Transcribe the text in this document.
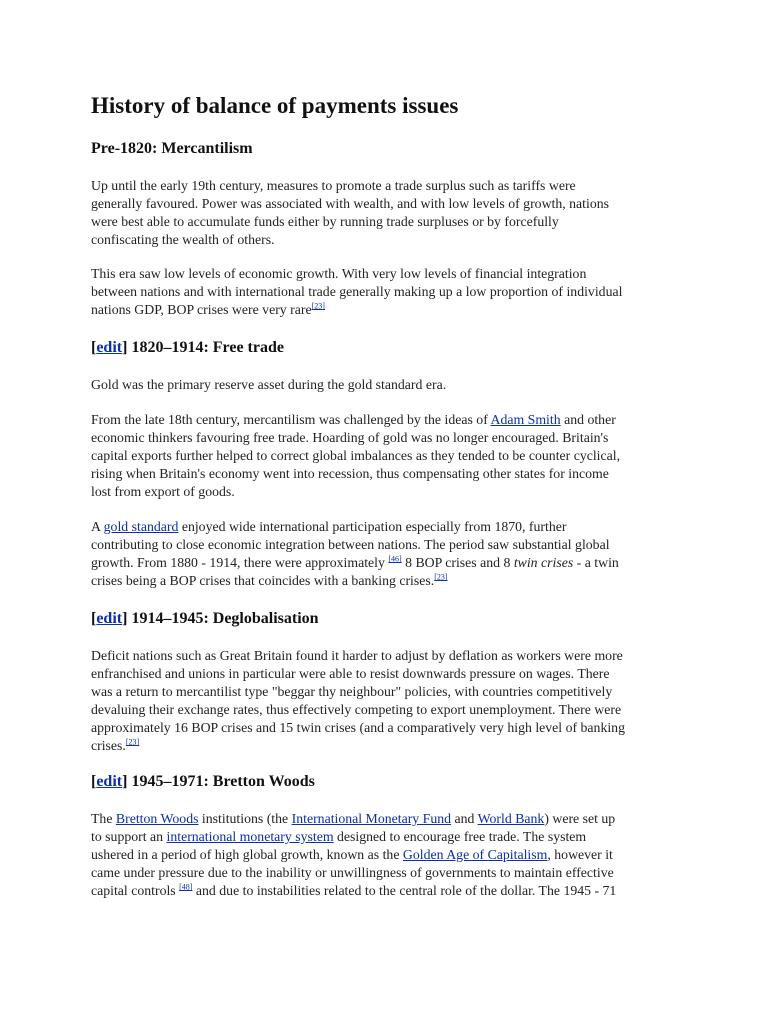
History of balance of payments issues
Pre-1820: Mercantilism

Up until the early 19th century, measures to promote a trade surplus such as tariffs were
generally favoured. Power was associated with wealth, and with low levels of growth, nations
were best able to accumulate funds either by running trade surpluses or by forcefully
confiscating the wealth of others.

This era saw low levels of economic growth. With very low levels of financial integration
between nations and with international trade generally making up a low proportion of individual
nations GDP, BOP crises were very rare[23]

[edit] 1820–1914: Free trade

Gold was the primary reserve asset during the gold standard era.

From the late 18th century, mercantilism was challenged by the ideas of Adam Smith and other
economic thinkers favouring free trade. Hoarding of gold was no longer encouraged. Britain's
capital exports further helped to correct global imbalances as they tended to be counter cyclical,
rising when Britain's economy went into recession, thus compensating other states for income
lost from export of goods.

A gold standard enjoyed wide international participation especially from 1870, further
contributing to close economic integration between nations. The period saw substantial global
growth. From 1880 - 1914, there were approximately [46] 8 BOP crises and 8 twin crises - a twin
crises being a BOP crises that coincides with a banking crises.[23]

[edit] 1914–1945: Deglobalisation

Deficit nations such as Great Britain found it harder to adjust by deflation as workers were more
enfranchised and unions in particular were able to resist downwards pressure on wages. There
was a return to mercantilist type "beggar thy neighbour" policies, with countries competitively
devaluing their exchange rates, thus effectively competing to export unemployment. There were
approximately 16 BOP crises and 15 twin crises (and a comparatively very high level of banking
crises.[23]

[edit] 1945–1971: Bretton Woods

The Bretton Woods institutions (the International Monetary Fund and World Bank) were set up
to support an international monetary system designed to encourage free trade. The system
ushered in a period of high global growth, known as the Golden Age of Capitalism, however it
came under pressure due to the inability or unwillingness of governments to maintain effective
capital controls [48] and due to instabilities related to the central role of the dollar. The 1945 - 71
